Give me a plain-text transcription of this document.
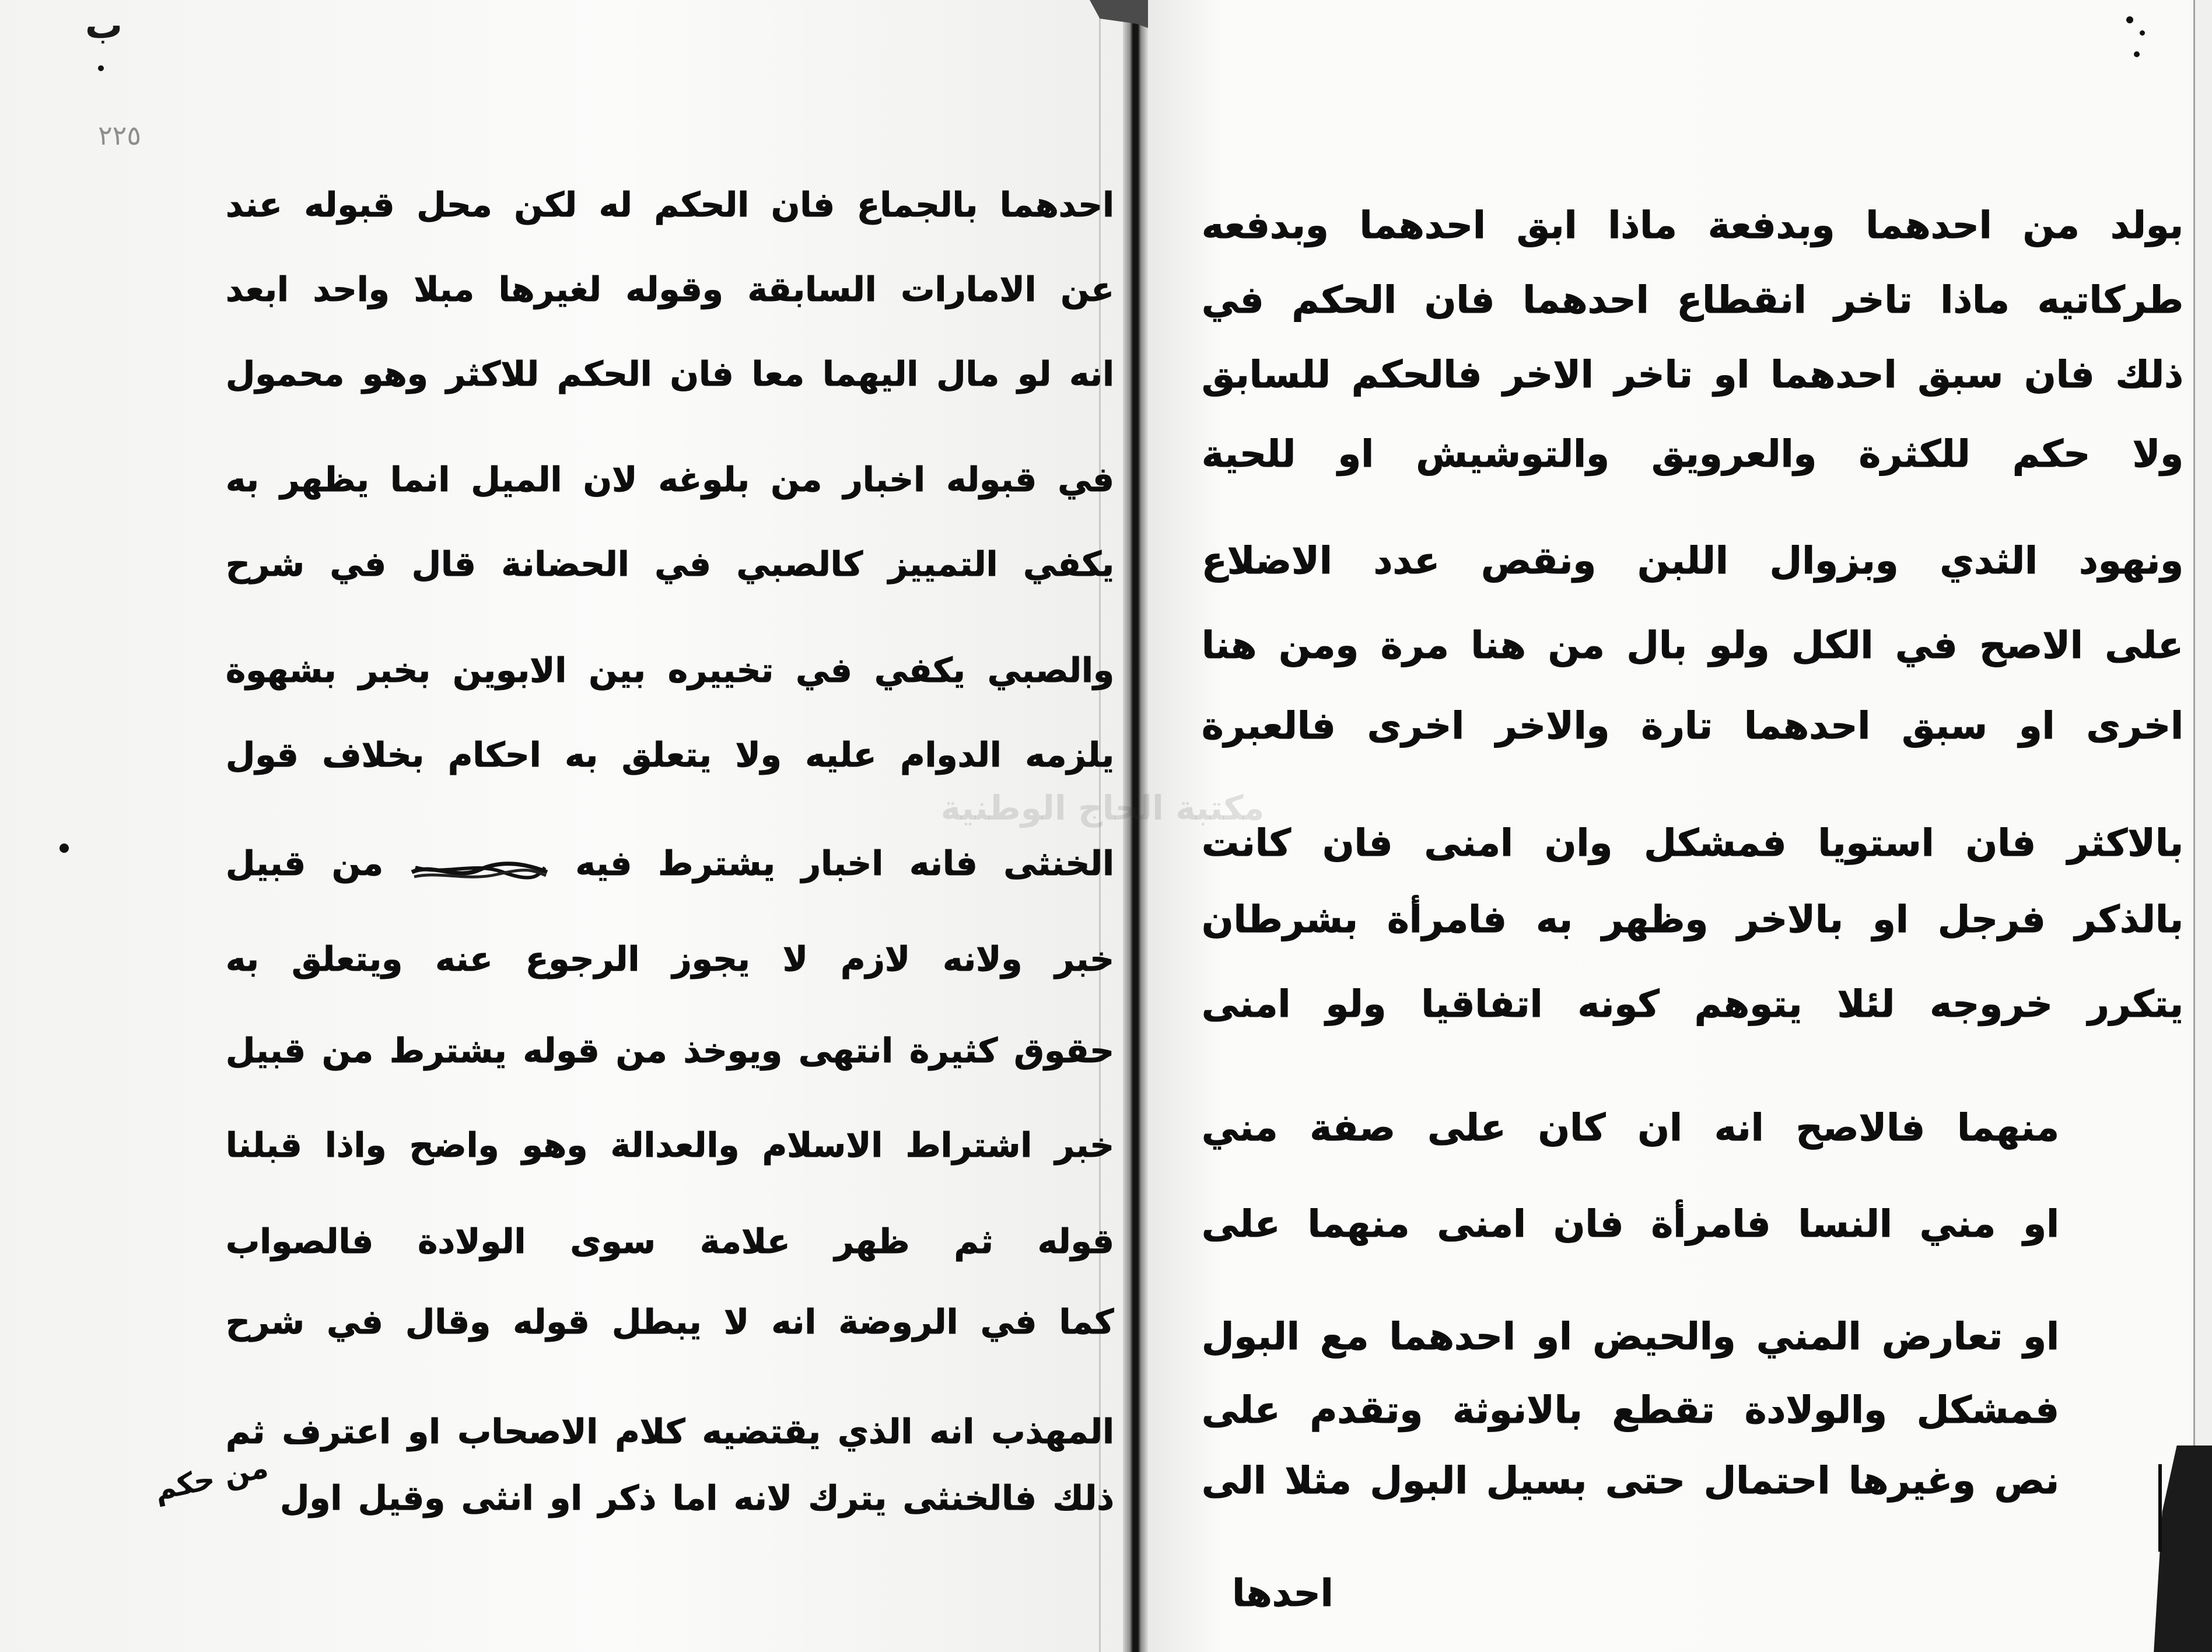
ب
٢٢٥
احدهما بالجماع فان الحكم له لكن محل قبوله عند
عن الامارات السابقة وقوله لغيرها مبلا واحد ابعد
انه لو مال اليهما معا فان الحكم للاكثر وهو محمول
في قبوله اخبار من بلوغه لان الميل انما يظهر به
يكفي التمييز كالصبي في الحضانة قال في شرح
والصبي يكفي في تخييره بين الابوين بخبر بشهوة
يلزمه الدوام عليه ولا يتعلق به احكام بخلاف قول
الخنثى فانه اخبار يشترط فيه  من قبيل
خبر ولانه لازم لا يجوز الرجوع عنه ويتعلق به
حقوق كثيرة انتهى ويوخذ من قوله يشترط من قبيل
خبر اشتراط الاسلام والعدالة وهو واضح واذا قبلنا
قوله ثم ظهر علامة سوى الولادة فالصواب
كما في الروضة انه لا يبطل قوله وقال في شرح
المهذب انه الذي يقتضيه كلام الاصحاب او اعترف ثم
ذلك فالخنثى يترك لانه اما ذكر او انثى وقيل اول
من حكم
بولد من احدهما وبدفعة ماذا ابق احدهما وبدفعه
طركاتيه ماذا تاخر انقطاع احدهما فان الحكم في
ذلك فان سبق احدهما او تاخر الاخر فالحكم للسابق
ولا حكم للكثرة والعرويق والتوشيش او للحية
ونهود الثدي وبزوال اللبن ونقص عدد الاضلاع
على الاصح في الكل ولو بال من هنا مرة ومن هنا
اخرى او سبق احدهما تارة والاخر اخرى فالعبرة
بالاكثر فان استويا فمشكل وان امنى فان كانت
بالذكر فرجل او بالاخر وظهر به فامرأة بشرطان
يتكرر خروجه لئلا يتوهم كونه اتفاقيا ولو امنى
منهما فالاصح انه ان كان على صفة مني
او مني النسا فامرأة فان امنى منهما على
او تعارض المني والحيض او احدهما مع البول
فمشكل والولادة تقطع بالانوثة وتقدم على
نص وغيرها احتمال حتى بسيل البول مثلا الى
احدها
مكتبة الحاج الوطنية
